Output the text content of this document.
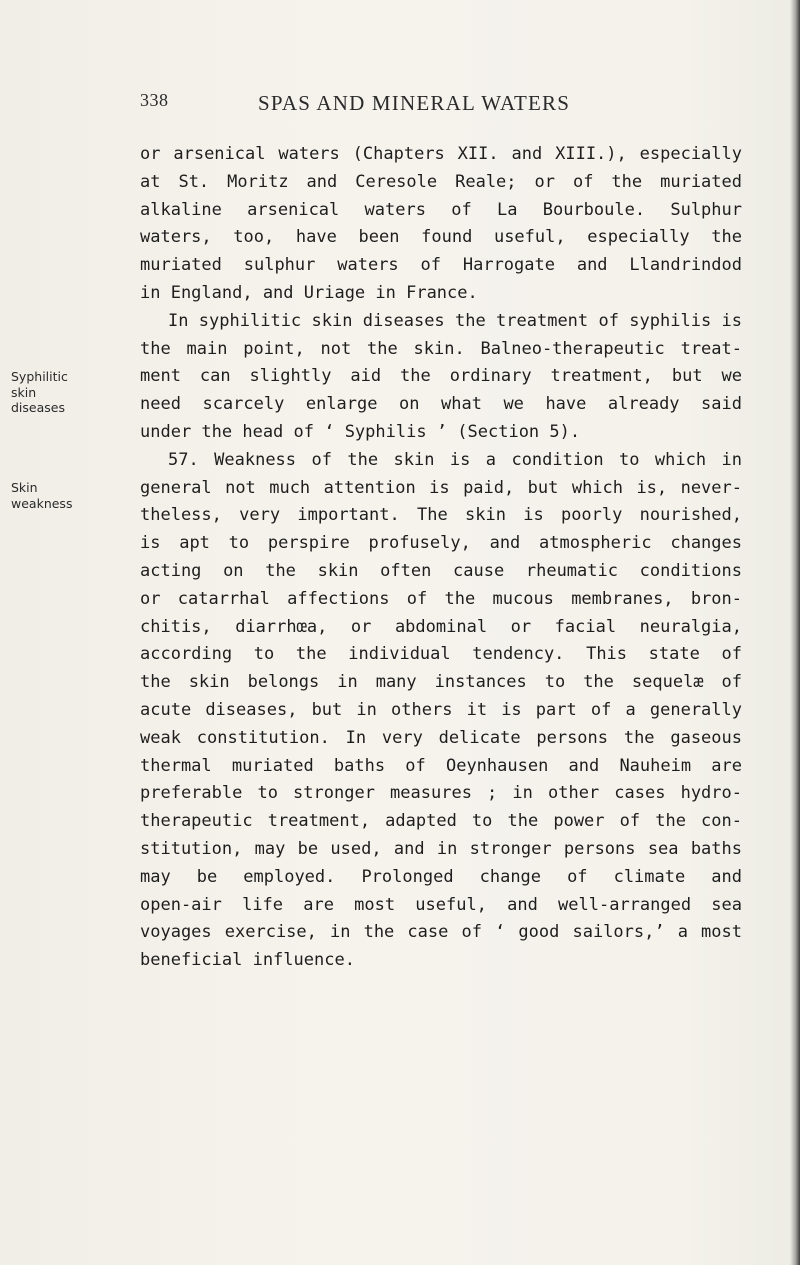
338	SPAS AND MINERAL WATERS
Syphilitic
skin
diseases
Skin
weakness
or arsenical waters (Chapters XII. and XIII.), especially
at St. Moritz and Ceresole Reale; or of the muriated
alkaline arsenical waters of La Bourboule. Sulphur
waters, too, have been found useful, especially the
muriated sulphur waters of Harrogate and Llandrindod
in England, and Uriage in France.
In syphilitic skin diseases the treatment of syphilis is
the main point, not the skin. Balneo-therapeutic treat-
ment can slightly aid the ordinary treatment, but we
need scarcely enlarge on what we have already said
under the head of ‘ Syphilis ’ (Section 5).
57. Weakness of the skin is a condition to which in
general not much attention is paid, but which is, never-
theless, very important. The skin is poorly nourished,
is apt to perspire profusely, and atmospheric changes
acting on the skin often cause rheumatic conditions
or catarrhal affections of the mucous membranes, bron-
chitis, diarrhœa, or abdominal or facial neuralgia,
according to the individual tendency. This state of
the skin belongs in many instances to the sequelæ of
acute diseases, but in others it is part of a generally
weak constitution. In very delicate persons the gaseous
thermal muriated baths of Oeynhausen and Nauheim are
preferable to stronger measures ; in other cases hydro-
therapeutic treatment, adapted to the power of the con-
stitution, may be used, and in stronger persons sea baths
may be employed. Prolonged change of climate and
open-air life are most useful, and well-arranged sea
voyages exercise, in the case of ‘ good sailors,’ a most
beneficial influence.
